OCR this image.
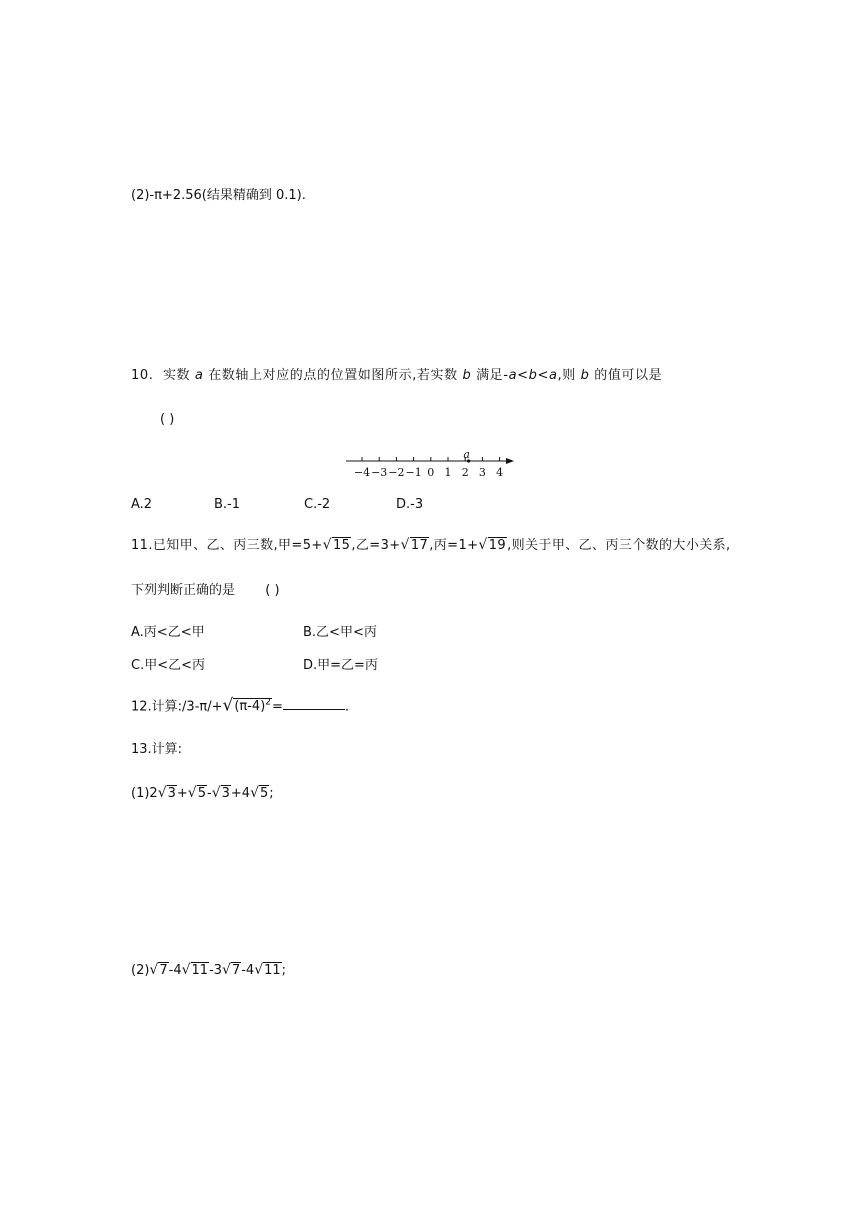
(2)-π+2.56(结果精确到 0.1).
10. 实数 a 在数轴上对应的点的位置如图所示,若实数 b 满足-a<b<a,则 b 的值可以是
( )
−4 −3 −2 −1 0 1 2 3 4
a
A.2	B.-1	C.-2	D.-3
11.已知甲、乙、丙三数,甲=5+√15,乙=3+√17,丙=1+√19,则关于甲、乙、丙三个数的大小关系,
下列判断正确的是 ( )
A.丙<乙<甲	B.乙<甲<丙
C.甲<乙<丙	D.甲=乙=丙
12.计算$:/3-\pi/+√(\pi-4)^2=$	.
13.计算:
(1)2√3+√5-√3+4√5;
(2)√7-4√11-3√7-4√11;
